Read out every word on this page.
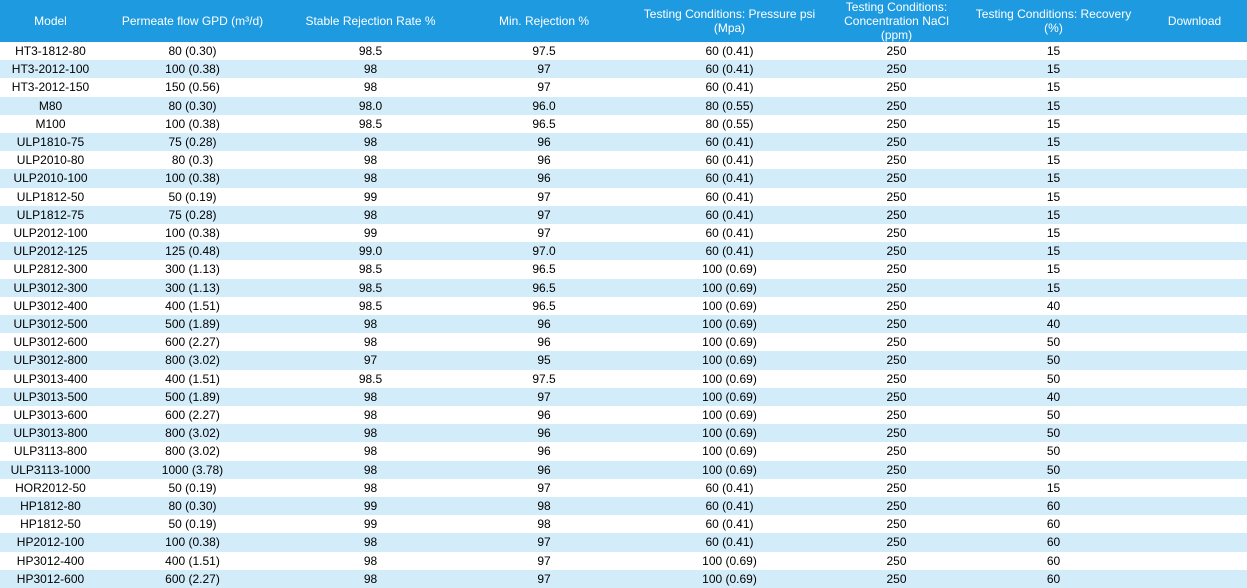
Model	Permeate flow GPD (m³/d)	Stable Rejection Rate %	Min. Rejection %	Testing Conditions: Pressure psi (Mpa)	Testing Conditions: Concentration NaCl (ppm)	Testing Conditions: Recovery (%)	Download
HT3-1812-80	80 (0.30)	98.5	97.5	60 (0.41)	250	15	
HT3-2012-100	100 (0.38)	98	97	60 (0.41)	250	15	
HT3-2012-150	150 (0.56)	98	97	60 (0.41)	250	15	
M80	80 (0.30)	98.0	96.0	80 (0.55)	250	15	
M100	100 (0.38)	98.5	96.5	80 (0.55)	250	15	
ULP1810-75	75 (0.28)	98	96	60 (0.41)	250	15	
ULP2010-80	80 (0.3)	98	96	60 (0.41)	250	15	
ULP2010-100	100 (0.38)	98	96	60 (0.41)	250	15	
ULP1812-50	50 (0.19)	99	97	60 (0.41)	250	15	
ULP1812-75	75 (0.28)	98	97	60 (0.41)	250	15	
ULP2012-100	100 (0.38)	99	97	60 (0.41)	250	15	
ULP2012-125	125 (0.48)	99.0	97.0	60 (0.41)	250	15	
ULP2812-300	300 (1.13)	98.5	96.5	100 (0.69)	250	15	
ULP3012-300	300 (1.13)	98.5	96.5	100 (0.69)	250	15	
ULP3012-400	400 (1.51)	98.5	96.5	100 (0.69)	250	40	
ULP3012-500	500 (1.89)	98	96	100 (0.69)	250	40	
ULP3012-600	600 (2.27)	98	96	100 (0.69)	250	50	
ULP3012-800	800 (3.02)	97	95	100 (0.69)	250	50	
ULP3013-400	400 (1.51)	98.5	97.5	100 (0.69)	250	50	
ULP3013-500	500 (1.89)	98	97	100 (0.69)	250	40	
ULP3013-600	600 (2.27)	98	96	100 (0.69)	250	50	
ULP3013-800	800 (3.02)	98	96	100 (0.69)	250	50	
ULP3113-800	800 (3.02)	98	96	100 (0.69)	250	50	
ULP3113-1000	1000 (3.78)	98	96	100 (0.69)	250	50	
HOR2012-50	50 (0.19)	98	97	60 (0.41)	250	15	
HP1812-80	80 (0.30)	99	98	60 (0.41)	250	60	
HP1812-50	50 (0.19)	99	98	60 (0.41)	250	60	
HP2012-100	100 (0.38)	98	97	60 (0.41)	250	60	
HP3012-400	400 (1.51)	98	97	100 (0.69)	250	60	
HP3012-600	600 (2.27)	98	97	100 (0.69)	250	60	
